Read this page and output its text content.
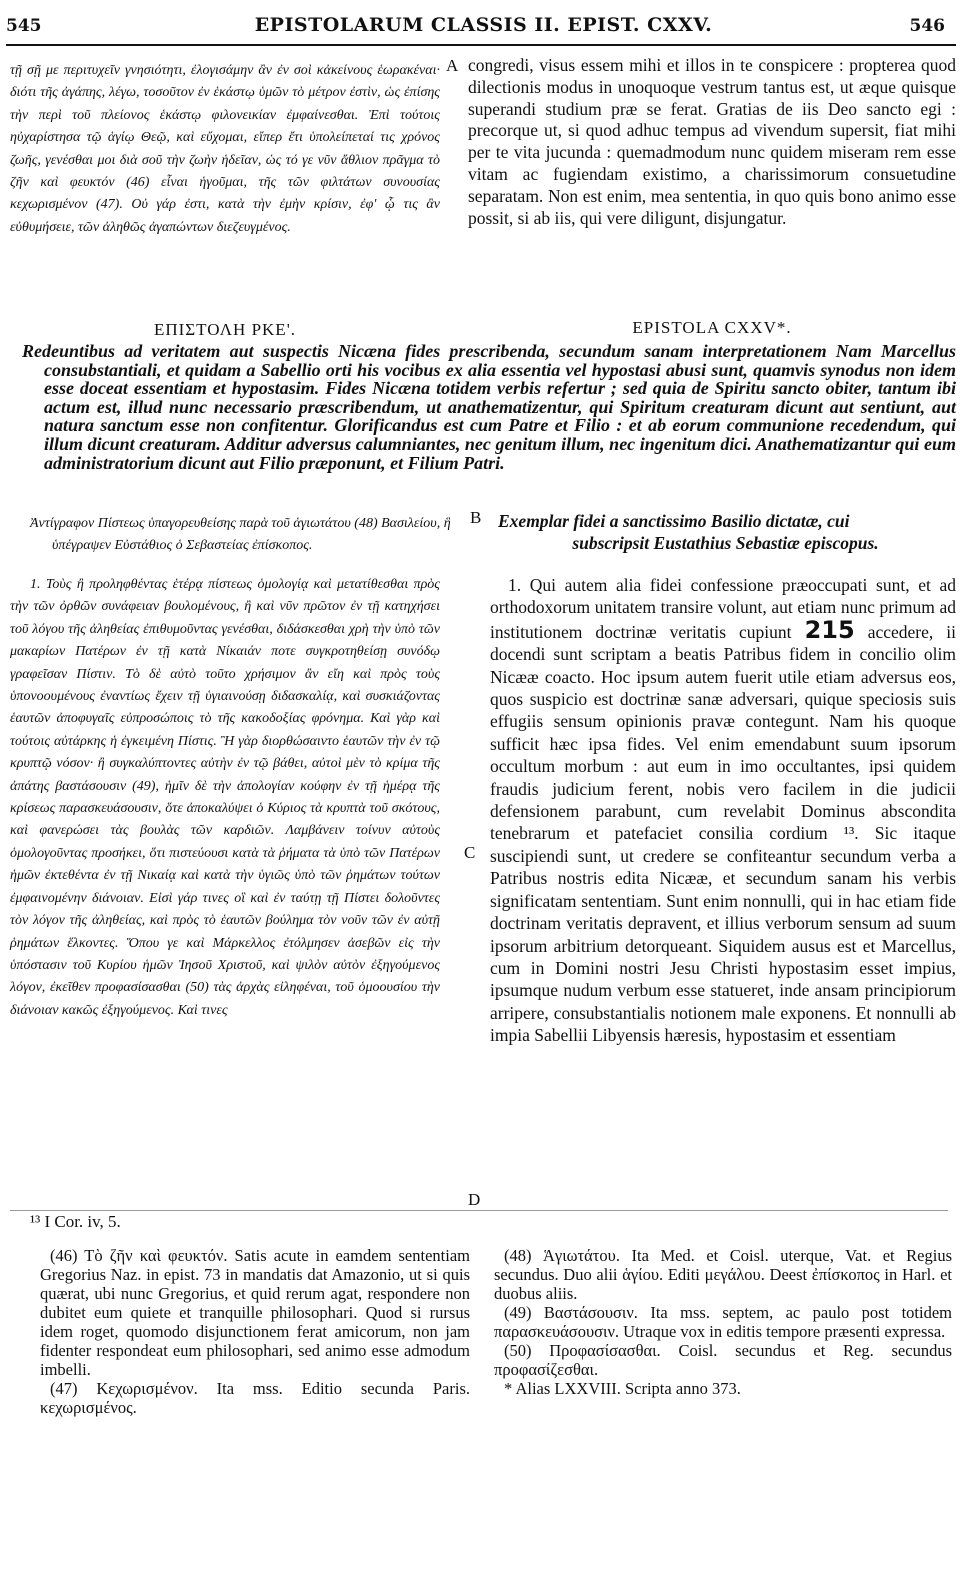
545	EPISTOLARUM CLASSIS II. EPIST. CXXV.	546
τῇ σῇ με περιτυχεῖν γνησιότητι, ἐλογισάμην ἂν ἐν σοὶ κἀκείνους ἑωρακέναι· διότι τῆς ἀγάπης, λέγω, τοσοῦτον ἐν ἑκάστῳ ὑμῶν τὸ μέτρον ἐστὶν, ὡς ἐπίσης τὴν περὶ τοῦ πλείονος ἑκάστῳ φιλονεικίαν ἐμφαίνεσθαι. Ἐπὶ τούτοις ηὐχαρίστησα τῷ ἁγίῳ Θεῷ, καὶ εὔχομαι, εἴπερ ἔτι ὑπολείπεταί τις χρόνος ζωῆς, γενέσθαι μοι διὰ σοῦ τὴν ζωὴν ἡδεῖαν, ὡς τό γε νῦν ἄθλιον πρᾶγμα τὸ ζῆν καὶ φευκτόν (46) εἶναι ἡγοῦμαι, τῆς τῶν φιλτάτων συνουσίας κεχωρισμένον (47). Οὐ γάρ ἐστι, κατὰ τὴν ἐμὴν κρίσιν, ἐφ' ᾧ τις ἂν εὐθυμήσειε, τῶν ἀληθῶς ἀγαπώντων διεζευγμένος.
A congredi, visus essem mihi et illos in te conspicere : propterea quod dilectionis modus in unoquoque vestrum tantus est, ut æque quisque superandi studium præ se ferat. Gratias de iis Deo sancto egi : precorque ut, si quod adhuc tempus ad vivendum supersit, fiat mihi per te vita jucunda : quemadmodum nunc quidem miseram rem esse vitam ac fugiendam existimo, a charissimorum consuetudine separatam. Non est enim, mea sententia, in quo quis bono animo esse possit, si ab iis, qui vere diligunt, disjungatur.
ΕΠΙΣΤΟΛΗ ΡΚΕ'.	EPISTOLA CXXV*.
Redeuntibus ad veritatem aut suspectis Nicæna fides prescribenda, secundum sanam interpretationem Nam Marcellus consubstantiali, et quidam a Sabellio orti his vocibus ex alia essentia vel hypostasi abusi sunt, quamvis synodus non idem esse doceat essentiam et hypostasim. Fides Nicæna totidem verbis refertur ; sed quia de Spiritu sancto obiter, tantum ibi actum est, illud nunc necessario præscribendum, ut anathematizentur, qui Spiritum creaturam dicunt aut sentiunt, aut natura sanctum esse non confitentur. Glorificandus est cum Patre et Filio : et ab eorum communione recedendum, qui illum dicunt creaturam. Additur adversus calumniantes, nec genitum illum, nec ingenitum dici. Anathematizantur qui eum administratorium dicunt aut Filio præponunt, et Filium Patri.
Ἀντίγραφον Πίστεως ὑπαγορευθείσης παρὰ τοῦ ἁγιωτάτου (48) Βασιλείου, ἣ ὑπέγραψεν Εὐστάθιος ὁ Σεβαστείας ἐπίσκοπος.
B Exemplar fidei a sanctissimo Basilio dictatæ, cui
subscripsit Eustathius Sebastiæ episcopus.
1. Τοὺς ἢ προληφθέντας ἑτέρᾳ πίστεως ὁμολογίᾳ καὶ μετατίθεσθαι πρὸς τὴν τῶν ὀρθῶν συνάφειαν βουλομένους, ἢ καὶ νῦν πρῶτον ἐν τῇ κατηχήσει τοῦ λόγου τῆς ἀληθείας ἐπιθυμοῦντας γενέσθαι, διδάσκεσθαι χρὴ τὴν ὑπὸ τῶν μακαρίων Πατέρων ἐν τῇ κατὰ Νίκαιάν ποτε συγκροτηθείσῃ συνόδῳ γραφεῖσαν Πίστιν. Τὸ δὲ αὐτὸ τοῦτο χρήσιμον ἂν εἴη καὶ πρὸς τοὺς ὑπονοουμένους ἐναντίως ἔχειν τῇ ὑγιαινούσῃ διδασκαλίᾳ, καὶ συσκιάζοντας ἑαυτῶν ἀποφυγαῖς εὐπροσώποις τὸ τῆς κακοδοξίας φρόνημα. Καὶ γὰρ καὶ τούτοις αὐτάρκης ἡ ἐγκειμένη Πίστις. Ἢ γὰρ διορθώσαιντο ἑαυτῶν τὴν ἐν τῷ κρυπτῷ νόσον· ἢ συγκαλύπτοντες αὐτὴν ἐν τῷ βάθει, αὐτοὶ μὲν τὸ κρίμα τῆς ἀπάτης βαστάσουσιν (49), ἡμῖν δὲ τὴν ἀπολογίαν κούφην ἐν τῇ ἡμέρᾳ τῆς κρίσεως παρασκευάσουσιν, ὅτε ἀποκαλύψει ὁ Κύριος τὰ κρυπτὰ τοῦ σκότους, καὶ φανερώσει τὰς βουλὰς τῶν καρδιῶν. Λαμβάνειν τοίνυν αὐτοὺς ὁμολογοῦντας προσήκει, ὅτι πιστεύουσι κατὰ τὰ ῥήματα τὰ ὑπὸ τῶν Πατέρων ἡμῶν ἐκτεθέντα ἐν τῇ Νικαίᾳ καὶ κατὰ τὴν ὑγιῶς ὑπὸ τῶν ῥημάτων τούτων ἐμφαινομένην διάνοιαν. Εἰσὶ γάρ τινες οἳ καὶ ἐν ταύτῃ τῇ Πίστει δολοῦντες τὸν λόγον τῆς ἀληθείας, καὶ πρὸς τὸ ἑαυτῶν βούλημα τὸν νοῦν τῶν ἐν αὐτῇ ῥημάτων ἕλκοντες. Ὅπου γε καὶ Μάρκελλος ἐτόλμησεν ἀσεβῶν εἰς τὴν ὑπόστασιν τοῦ Κυρίου ἡμῶν Ἰησοῦ Χριστοῦ, καὶ ψιλὸν αὐτὸν ἐξηγούμενος λόγον, ἐκεῖθεν προφασίσασθαι (50) τὰς ἀρχὰς εἰληφέναι, τοῦ ὁμοουσίου τὴν διάνοιαν κακῶς ἐξηγούμενος. Καὶ τινες
C
D
1. Qui autem alia fidei confessione præoccupati sunt, et ad orthodoxorum unitatem transire volunt, aut etiam nunc primum ad institutionem doctrinæ veritatis cupiunt 215 accedere, ii docendi sunt scriptam a beatis Patribus fidem in concilio olim Nicææ coacto. Hoc ipsum autem fuerit utile etiam adversus eos, quos suspicio est doctrinæ sanæ adversari, quique speciosis suis effugiis sensum opinionis pravæ contegunt. Nam his quoque sufficit hæc ipsa fides. Vel enim emendabunt suum ipsorum occultum morbum : aut eum in imo occultantes, ipsi quidem fraudis judicium ferent, nobis vero facilem in die judicii defensionem parabunt, cum revelabit Dominus abscondita tenebrarum et patefaciet consilia cordium ¹³. Sic itaque suscipiendi sunt, ut credere se confiteantur secundum verba a Patribus nostris edita Nicææ, et secundum sanam his verbis significatam sententiam. Sunt enim nonnulli, qui in hac etiam fide doctrinam veritatis depravent, et illius verborum sensum ad suum ipsorum arbitrium detorqueant. Siquidem ausus est et Marcellus, cum in Domini nostri Jesu Christi hypostasim esset impius, ipsumque nudum verbum esse statueret, inde ansam principiorum arripere, consubstantialis notionem male exponens. Et nonnulli ab impia Sabellii Libyensis hæresis, hypostasim et essentiam
¹³ I Cor. iv, 5.

(46) Τὸ ζῆν καὶ φευκτόν. Satis acute in eamdem sententiam Gregorius Naz. in epist. 73 in mandatis dat Amazonio, ut si quis quærat, ubi nunc Gregorius, et quid rerum agat, respondere non dubitet eum quiete et tranquille philosophari. Quod si rursus idem roget, quomodo disjunctionem ferat amicorum, non jam fidenter respondeat eum philosophari, sed animo esse admodum imbelli.

(47) Κεχωρισμένον. Ita mss. Editio secunda Paris. κεχωρισμένος.

(48) Ἁγιωτάτου. Ita Med. et Coisl. uterque, Vat. et Regius secundus. Duo alii ἁγίου. Editi μεγάλου. Deest ἐπίσκοπος in Harl. et duobus aliis.

(49) Βαστάσουσιν. Ita mss. septem, ac paulo post totidem παρασκευάσουσιν. Utraque vox in editis tempore præsenti expressa.

(50) Προφασίσασθαι. Coisl. secundus et Reg. secundus προφασίζεσθαι.

* Alias LXXVIII. Scripta anno 373.
